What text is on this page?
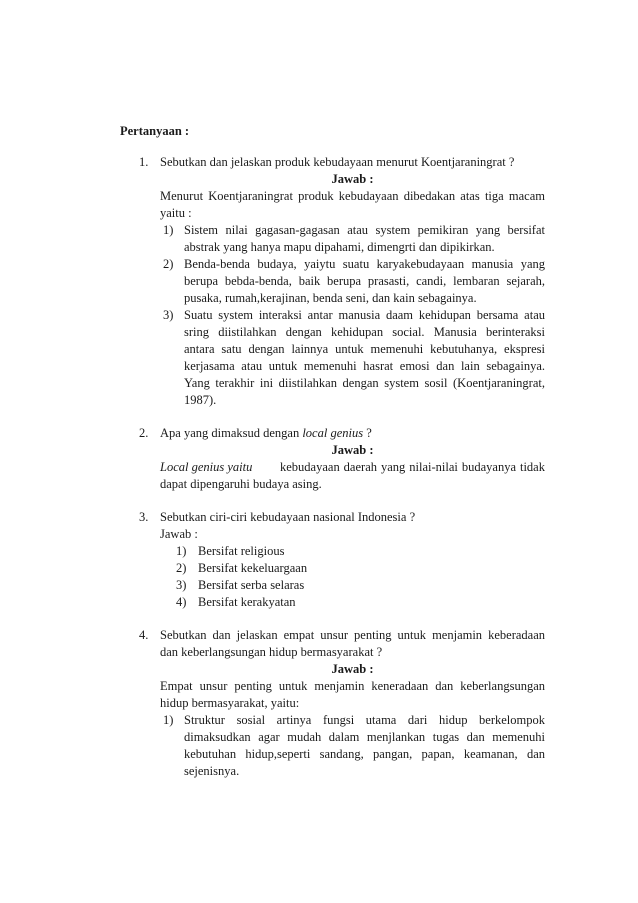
Pertanyaan :
1. Sebutkan dan jelaskan produk kebudayaan menurut Koentjaraningrat ?
Jawab :
Menurut Koentjaraningrat produk kebudayaan dibedakan atas tiga macam
yaitu :
1) Sistem nilai gagasan-gagasan atau system pemikiran yang bersifat
abstrak yang hanya mapu dipahami, dimengrti dan dipikirkan.
2) Benda-benda budaya, yaiytu suatu karyakebudayaan manusia yang
berupa bebda-benda, baik berupa prasasti, candi, lembaran sejarah,
pusaka, rumah,kerajinan, benda seni, dan kain sebagainya.
3) Suatu system interaksi antar manusia daam kehidupan bersama atau
sring diistilahkan dengan kehidupan social. Manusia berinteraksi
antara satu dengan lainnya untuk memenuhi kebutuhanya, ekspresi
kerjasama atau untuk memenuhi hasrat emosi dan lain sebagainya.
Yang terakhir ini diistilahkan dengan system sosil (Koentjaraningrat,
1987).
2. Apa yang dimaksud dengan local genius ?
Jawab :
Local genius yaitu kebudayaan daerah yang nilai-nilai budayanya tidak
dapat dipengaruhi budaya asing.
3. Sebutkan ciri-ciri kebudayaan nasional Indonesia ?
Jawab :
1) Bersifat religious
2) Bersifat kekeluargaan
3) Bersifat serba selaras
4) Bersifat kerakyatan
4. Sebutkan dan jelaskan empat unsur penting untuk menjamin keberadaan
dan keberlangsungan hidup bermasyarakat ?
Jawab :
Empat unsur penting untuk menjamin keneradaan dan keberlangsungan
hidup bermasyarakat, yaitu:
1) Struktur sosial artinya fungsi utama dari hidup berkelompok
dimaksudkan agar mudah dalam menjlankan tugas dan memenuhi
kebutuhan hidup,seperti sandang, pangan, papan, keamanan, dan
sejenisnya.
